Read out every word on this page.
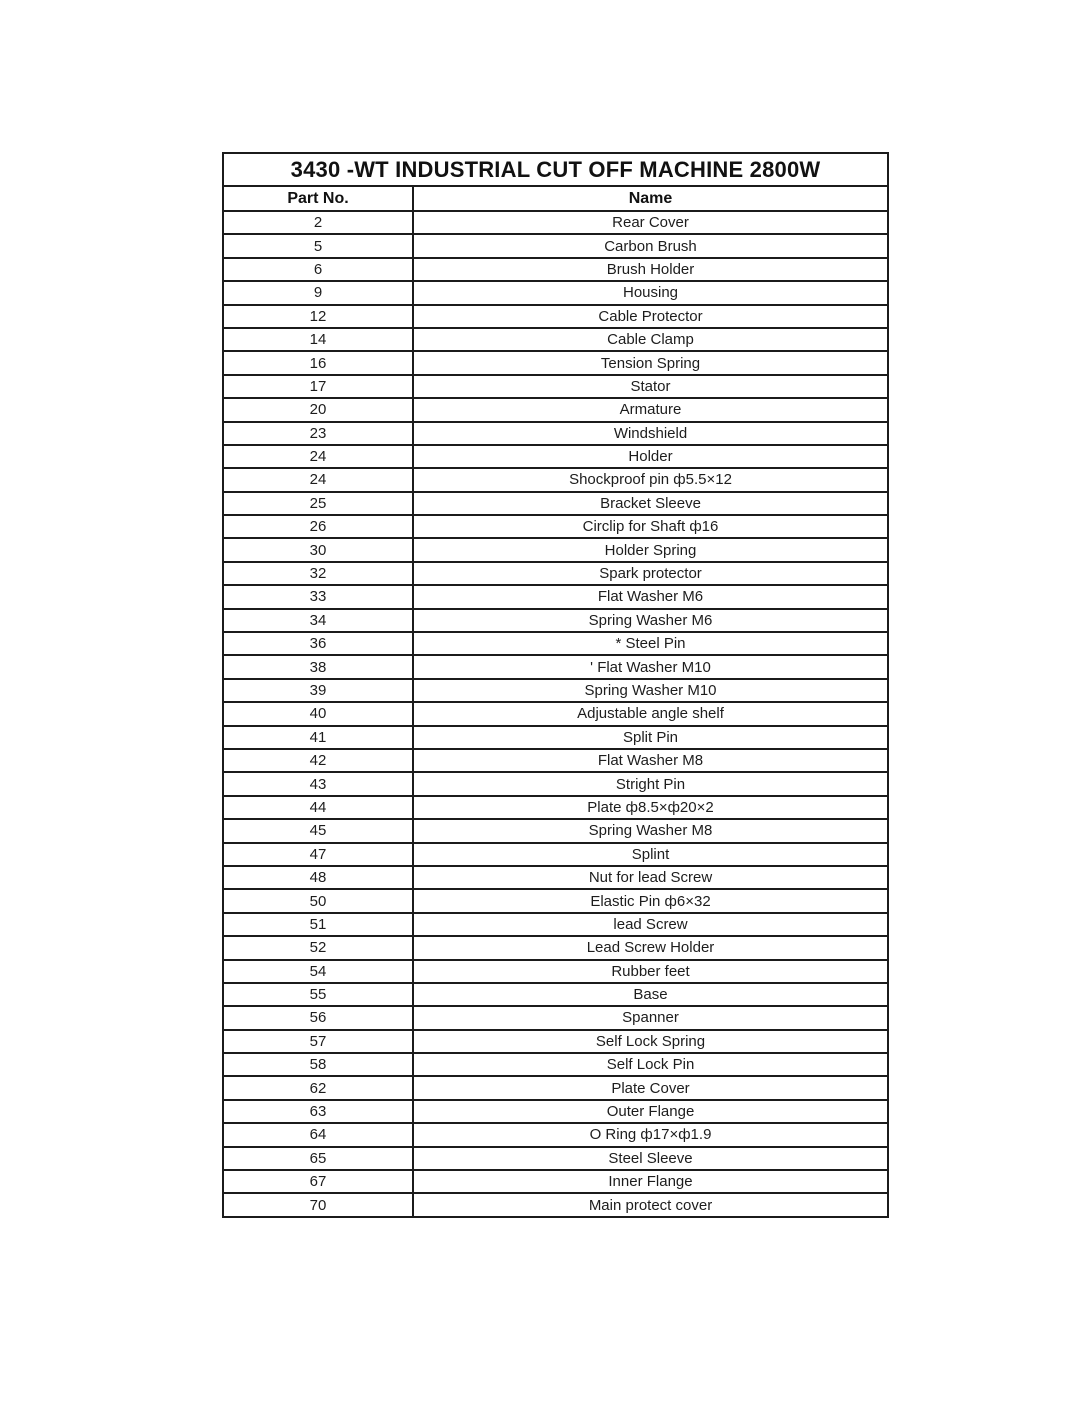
3430 -WT INDUSTRIAL CUT OFF MACHINE 2800W	
Part No.	Name
2	Rear Cover
5	Carbon Brush
6	Brush Holder
9	Housing
12	Cable Protector
14	Cable Clamp
16	Tension Spring
17	Stator
20	Armature
23	Windshield
24	Holder
24	Shockproof pin ф5.5×12
25	Bracket Sleeve
26	Circlip for Shaft ф16
30	Holder Spring
32	Spark protector
33	Flat Washer M6
34	Spring Washer M6
36	* Steel Pin
38	' Flat Washer M10
39	Spring Washer M10
40	Adjustable angle shelf
41	Split Pin
42	Flat Washer M8
43	Stright Pin
44	Plate ф8.5×ф20×2
45	Spring Washer M8
47	Splint
48	Nut for lead Screw
50	Elastic Pin ф6×32
51	lead Screw
52	Lead Screw Holder
54	Rubber feet
55	Base
56	Spanner
57	Self Lock Spring
58	Self Lock Pin
62	Plate Cover
63	Outer Flange
64	O Ring ф17×ф1.9
65	Steel Sleeve
67	Inner Flange
70	Main protect cover
